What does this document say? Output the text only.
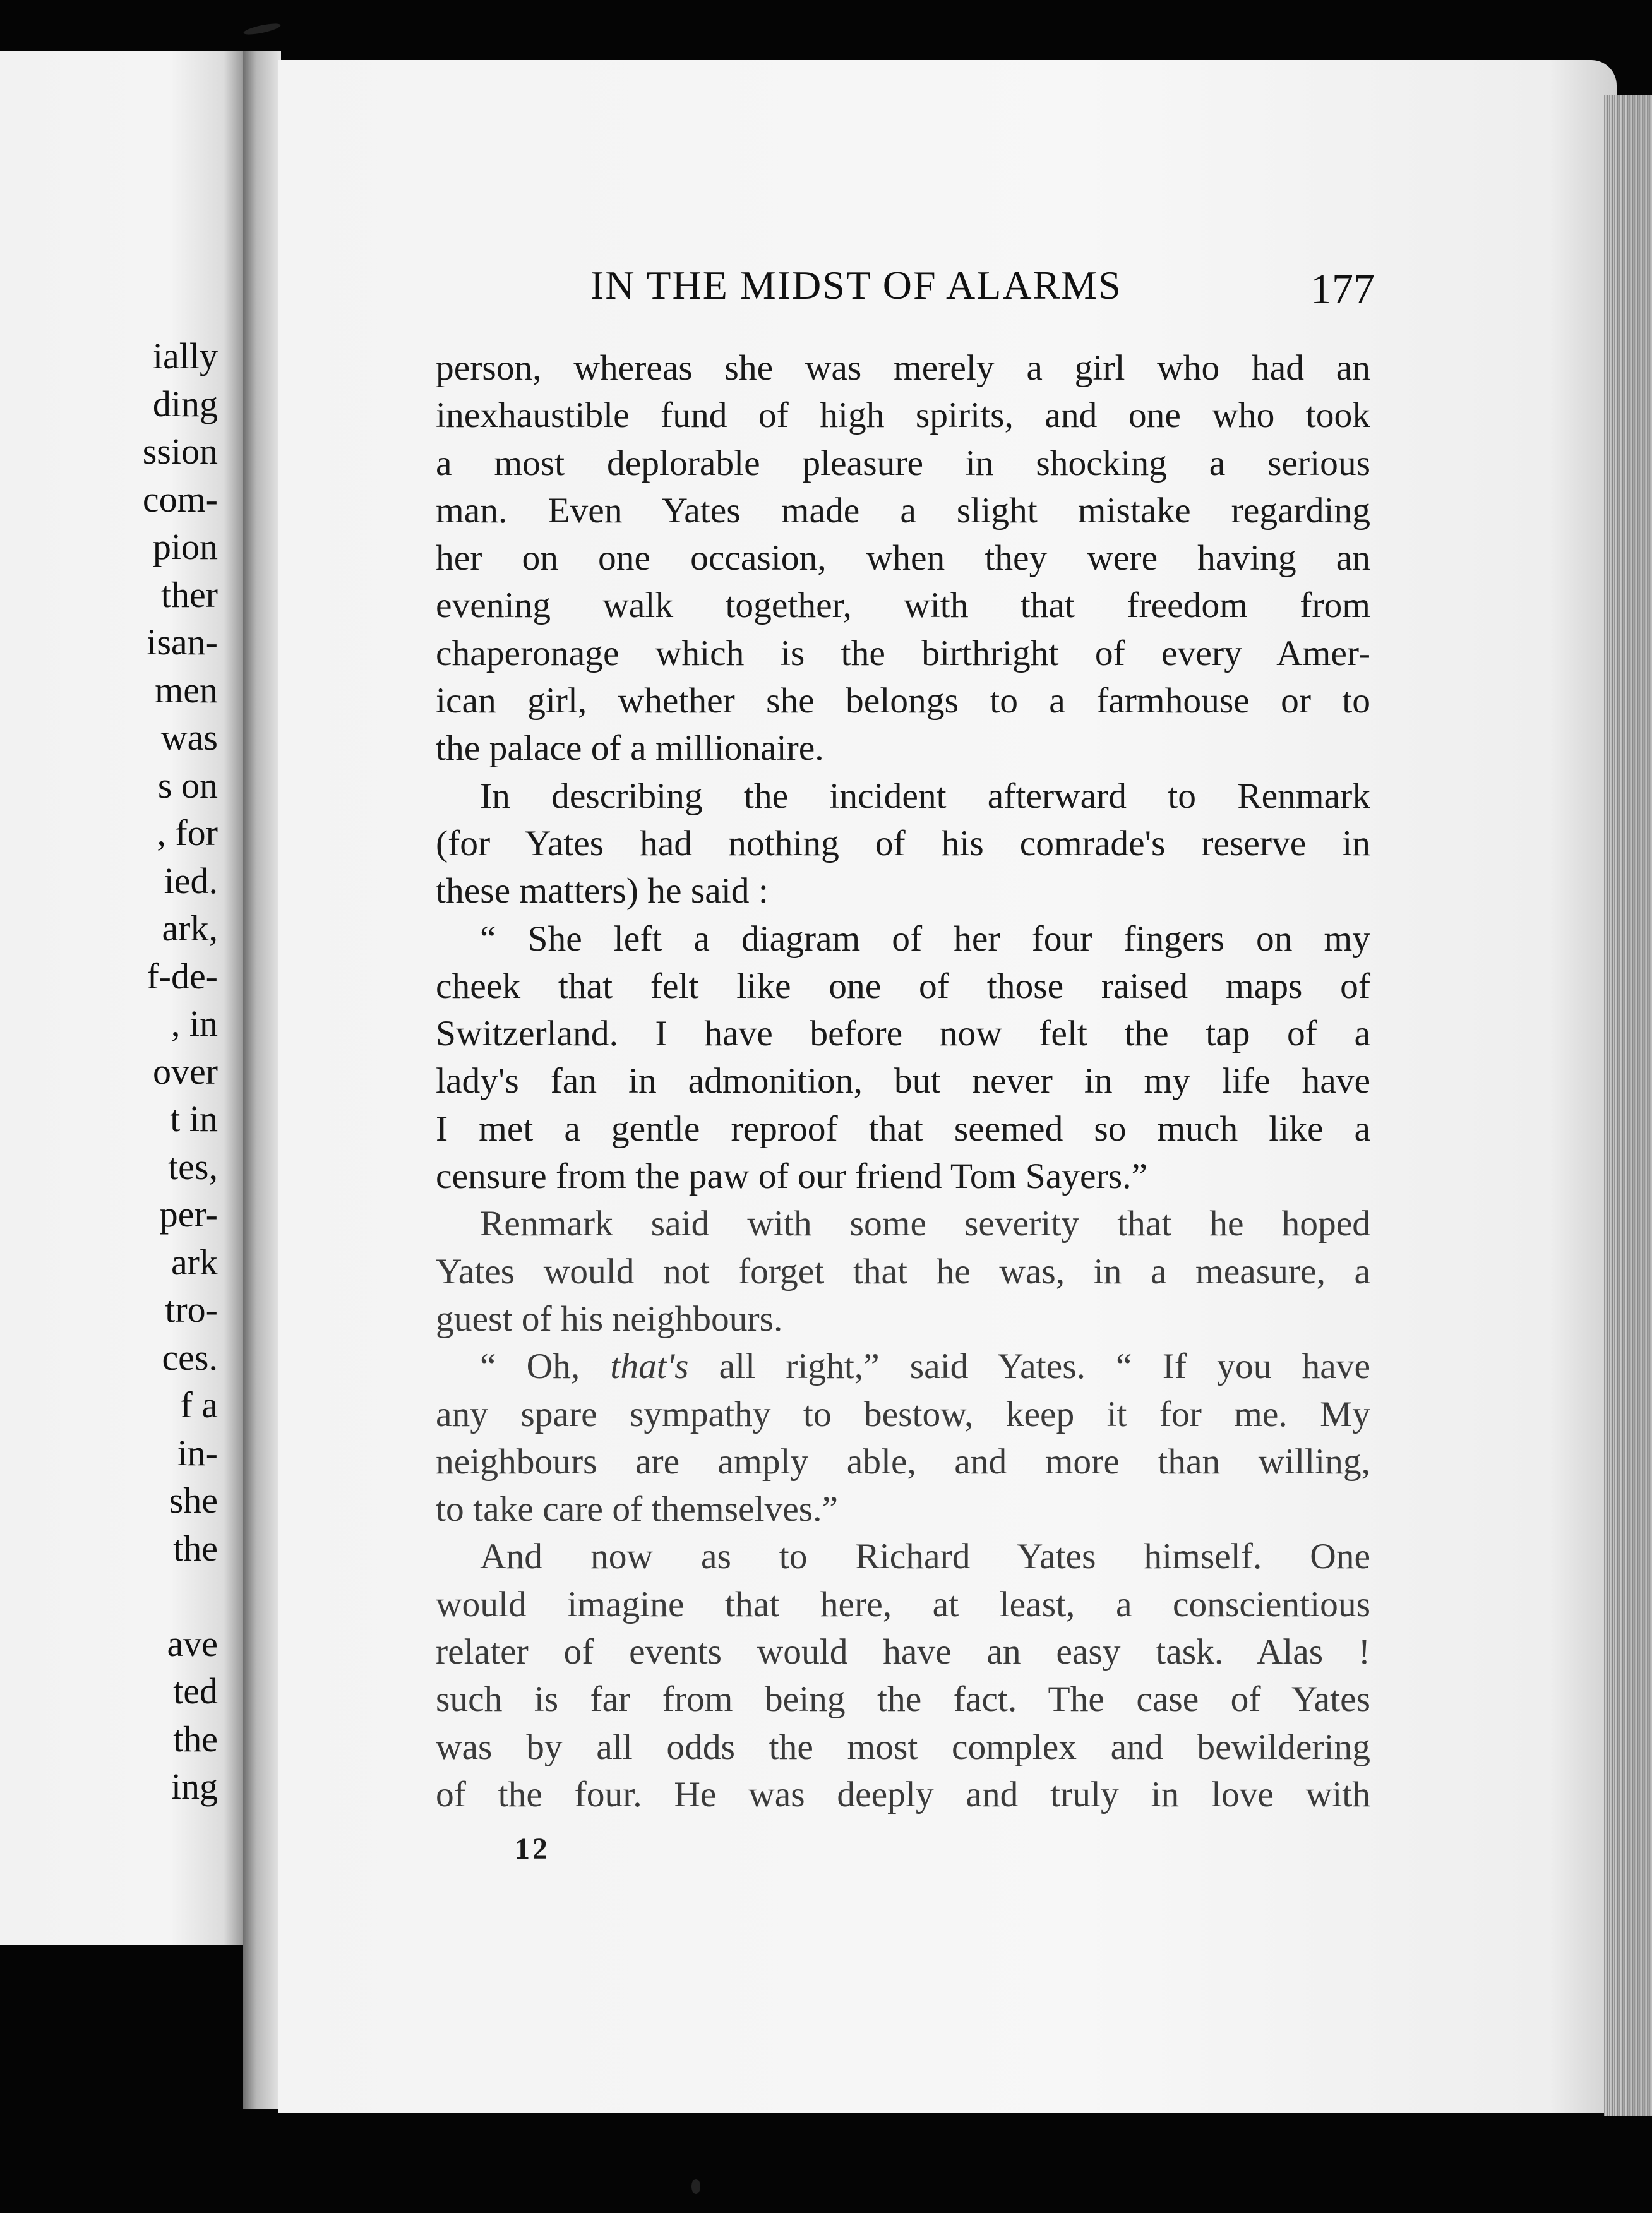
ially
ding
ssion
com-
pion
ther
isan-
men
was
s on
, for
ied.
ark,
f-de-
, in
over
t in
tes,
per-
ark
tro-
ces.
f a
in-
she
the
ave
ted
the
ing
IN THE MIDST OF ALARMS	177
person, whereas she was merely a girl who had an
inexhaustible fund of high spirits, and one who took
a most deplorable pleasure in shocking a serious
man. Even Yates made a slight mistake regarding
her on one occasion, when they were having an
evening walk together, with that freedom from
chaperonage which is the birthright of every Amer-
ican girl, whether she belongs to a farmhouse or to
the palace of a millionaire.
In describing the incident afterward to Renmark
(for Yates had nothing of his comrade's reserve in
these matters) he said :
“ She left a diagram of her four fingers on my
cheek that felt like one of those raised maps of
Switzerland. I have before now felt the tap of a
lady's fan in admonition, but never in my life have
I met a gentle reproof that seemed so much like a
censure from the paw of our friend Tom Sayers.”
Renmark said with some severity that he hoped
Yates would not forget that he was, in a measure, a
guest of his neighbours.
“ Oh, that's all right,” said Yates. “ If you have
any spare sympathy to bestow, keep it for me. My
neighbours are amply able, and more than willing,
to take care of themselves.”
And now as to Richard Yates himself. One
would imagine that here, at least, a conscientious
relater of events would have an easy task. Alas !
such is far from being the fact. The case of Yates
was by all odds the most complex and bewildering
of the four. He was deeply and truly in love with
12
